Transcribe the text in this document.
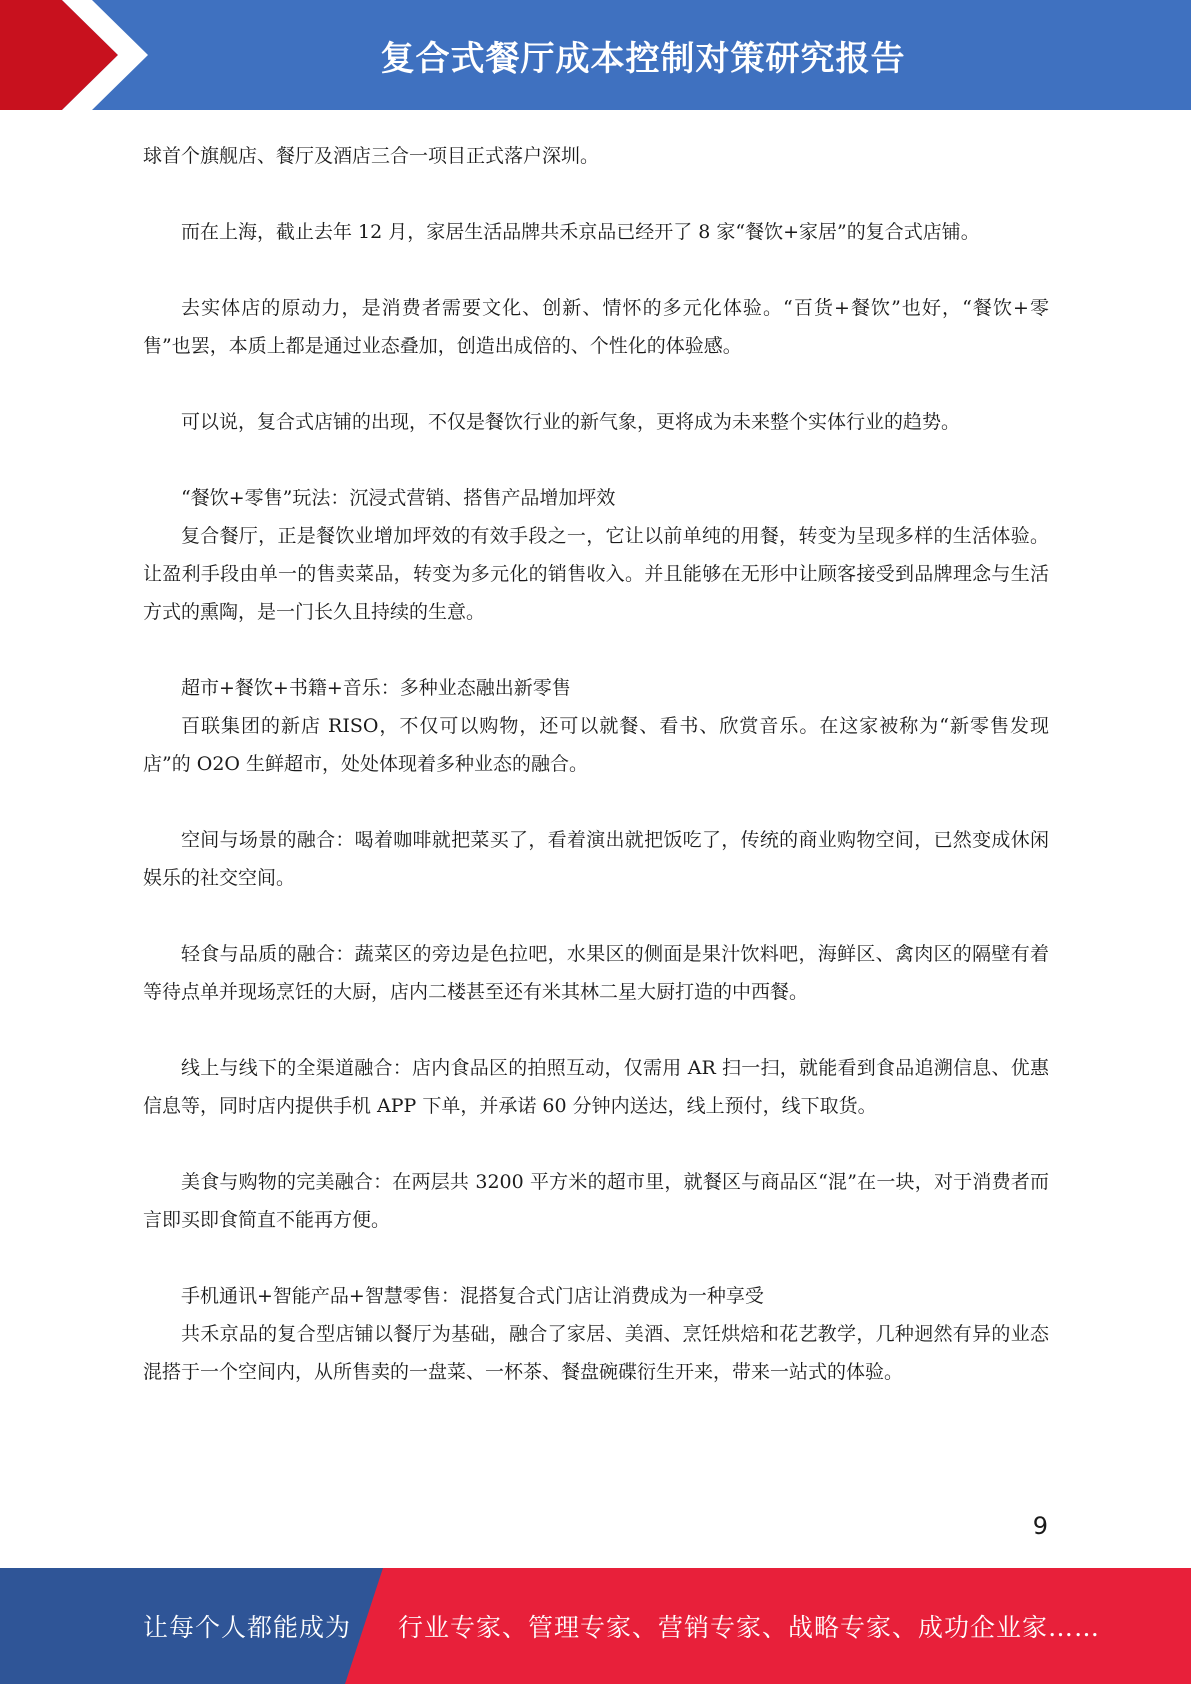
复合式餐厅成本控制对策研究报告

球首个旗舰店、餐厅及酒店三合一项目正式落户深圳。

而在上海，截止去年 12 月，家居生活品牌共禾京品已经开了 8 家“餐饮+家居”的复合式店铺。

去实体店的原动力，是消费者需要文化、创新、情怀的多元化体验。“百货+餐饮”也好，“餐饮+零售”也罢，本质上都是通过业态叠加，创造出成倍的、个性化的体验感。

可以说，复合式店铺的出现，不仅是餐饮行业的新气象，更将成为未来整个实体行业的趋势。

“餐饮+零售”玩法：沉浸式营销、搭售产品增加坪效

复合餐厅，正是餐饮业增加坪效的有效手段之一，它让以前单纯的用餐，转变为呈现多样的生活体验。让盈利手段由单一的售卖菜品，转变为多元化的销售收入。并且能够在无形中让顾客接受到品牌理念与生活方式的熏陶，是一门长久且持续的生意。

超市+餐饮+书籍+音乐：多种业态融出新零售

百联集团的新店 RISO，不仅可以购物，还可以就餐、看书、欣赏音乐。在这家被称为“新零售发现店”的 O2O 生鲜超市，处处体现着多种业态的融合。

空间与场景的融合：喝着咖啡就把菜买了，看着演出就把饭吃了，传统的商业购物空间，已然变成休闲娱乐的社交空间。

轻食与品质的融合：蔬菜区的旁边是色拉吧，水果区的侧面是果汁饮料吧，海鲜区、禽肉区的隔壁有着等待点单并现场烹饪的大厨，店内二楼甚至还有米其林二星大厨打造的中西餐。

线上与线下的全渠道融合：店内食品区的拍照互动，仅需用 AR 扫一扫，就能看到食品追溯信息、优惠信息等，同时店内提供手机 APP 下单，并承诺 60 分钟内送达，线上预付，线下取货。

美食与购物的完美融合：在两层共 3200 平方米的超市里，就餐区与商品区“混”在一块，对于消费者而言即买即食简直不能再方便。

手机通讯+智能产品+智慧零售：混搭复合式门店让消费成为一种享受

共禾京品的复合型店铺以餐厅为基础，融合了家居、美酒、烹饪烘焙和花艺教学，几种迥然有异的业态混搭于一个空间内，从所售卖的一盘菜、一杯茶、餐盘碗碟衍生开来，带来一站式的体验。

9
让每个人都能成为 行业专家、管理专家、营销专家、战略专家、成功企业家……
